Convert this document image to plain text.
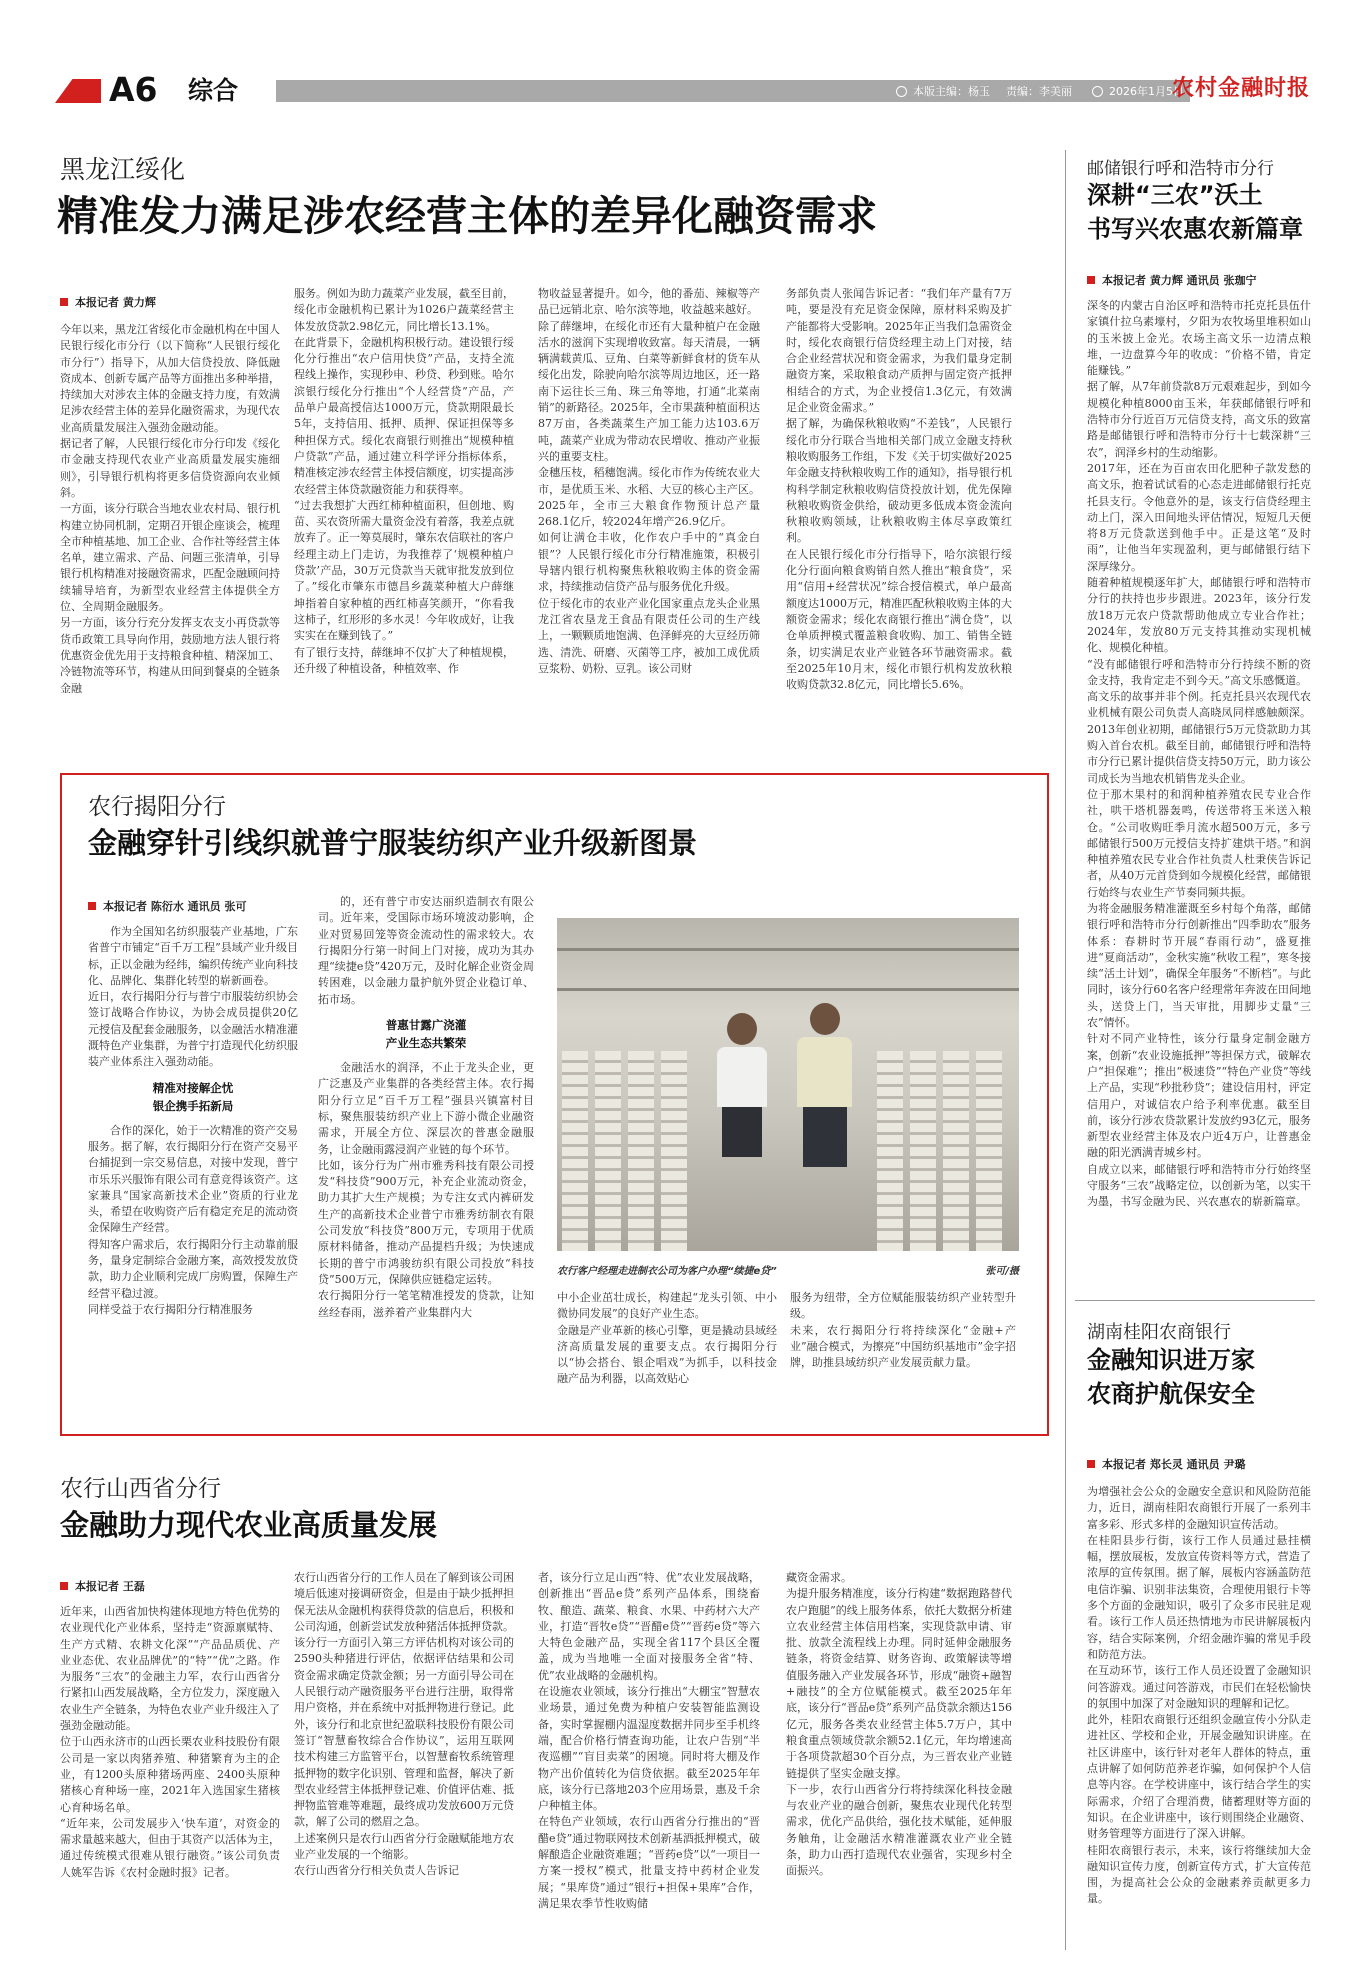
A6 综合	本版主编：杨玉 责编：李美丽	2026年1月5日
农村金融时报
黑龙江绥化
精准发力满足涉农经营主体的差异化融资需求
本报记者 黄力辉
今年以来，黑龙江省绥化市金融机构在中国人民银行绥化市分行（以下简称“人民银行绥化市分行”）指导下，从加大信贷投放、降低融资成本、创新专属产品等方面推出多种举措，持续加大对涉农主体的金融支持力度，有效满足涉农经营主体的差异化融资需求，为现代农业高质量发展注入强劲金融动能。
据记者了解，人民银行绥化市分行印发《绥化市金融支持现代农业产业高质量发展实施细则》，引导银行机构将更多信贷资源向农业倾斜。
一方面，该分行联合当地农业农村局、银行机构建立协同机制，定期召开银企座谈会，梳理全市种植基地、加工企业、合作社等经营主体名单，建立需求、产品、问题三张清单，引导银行机构精准对接融资需求，匹配金融顾问持续辅导培育，为新型农业经营主体提供全方位、全周期金融服务。
另一方面，该分行充分发挥支农支小再贷款等货币政策工具导向作用，鼓励地方法人银行将优惠资金优先用于支持粮食种植、精深加工、冷链物流等环节，构建从田间到餐桌的全链条金融
服务。例如为助力蔬菜产业发展，截至目前，绥化市金融机构已累计为1026户蔬菜经营主体发放贷款2.98亿元，同比增长13.1%。
在此背景下，金融机构积极行动。建设银行绥化分行推出“农户信用快贷”产品，支持全流程线上操作，实现秒申、秒贷、秒到账。哈尔滨银行绥化分行推出“个人经营贷”产品，产品单户最高授信达1000万元，贷款期限最长5年，支持信用、抵押、质押、保证担保等多种担保方式。绥化农商银行则推出“规模种植户贷款”产品，通过建立科学评分指标体系，精准核定涉农经营主体授信额度，切实提高涉农经营主体贷款融资能力和获得率。
“过去我想扩大西红柿种植面积，但创地、购苗、买农资所需大量资金没有着落，我差点就放弃了。正一筹莫展时，肇东农信联社的客户经理主动上门走访，为我推荐了‘规模种植户贷款’产品，30万元贷款当天就审批发放到位了。”绥化市肇东市德昌乡蔬菜种植大户薛继坤指着自家种植的西红柿喜笑颜开，“你看我这柿子，红形形的多水灵！今年收成好，让我实实在在赚到钱了。”
有了银行支持，薛继坤不仅扩大了种植规模，还升级了种植设备，种植效率、作
物收益显著提升。如今，他的番茄、辣椒等产品已远销北京、哈尔滨等地，收益越来越好。
除了薛继坤，在绥化市还有大量种植户在金融活水的滋润下实现增收致富。每天清晨，一辆辆满载黄瓜、豆角、白菜等新鲜食材的货车从绥化出发，除驶向哈尔滨等周边地区，还一路南下运往长三角、珠三角等地，打通“北菜南销”的新路径。2025年，全市果蔬种植面积达87万亩，各类蔬菜生产加工能力达103.6万吨，蔬菜产业成为带动农民增收、推动产业振兴的重要支柱。
金穗压枝，稻穗饱满。绥化市作为传统农业大市，是优质玉米、水稻、大豆的核心主产区。2025年，全市三大粮食作物预计总产量268.1亿斤，较2024年增产26.9亿斤。
如何让满仓丰收，化作农户手中的“真金白银”？人民银行绥化市分行精准施策，积极引导辖内银行机构聚焦秋粮收购主体的资金需求，持续推动信贷产品与服务优化升级。
位于绥化市的农业产业化国家重点龙头企业黑龙江省农垦龙王食品有限责任公司的生产线上，一颗颗质地饱满、色泽鲜亮的大豆经历筛选、清洗、研磨、灭菌等工序，被加工成优质豆浆粉、奶粉、豆乳。该公司财
务部负责人张闻告诉记者：“我们年产量有7万吨，要是没有充足资金保障，原材料采购及扩产能都将大受影响。2025年正当我们急需资金时，绥化农商银行信贷经理主动上门对接，结合企业经营状况和资金需求，为我们量身定制融资方案，采取粮食动产质押与固定资产抵押相结合的方式，为企业授信1.3亿元，有效满足企业资金需求。”
据了解，为确保秋粮收购“不差钱”，人民银行绥化市分行联合当地相关部门成立金融支持秋粮收购服务工作组，下发《关于切实做好2025年金融支持秋粮收购工作的通知》，指导银行机构科学制定秋粮收购信贷投放计划，优先保障秋粮收购资金供给，破动更多低成本资金流向秋粮收购领域，让秋粮收购主体尽享政策红利。
在人民银行绥化市分行指导下，哈尔滨银行绥化分行面向粮食购销自然人推出“粮食贷”，采用“信用+经营状况”综合授信模式，单户最高额度达1000万元，精准匹配秋粮收购主体的大额资金需求；绥化农商银行推出“满仓贷”，以仓单质押模式覆盖粮食收购、加工、销售全链条，切实满足农业产业链各环节融资需求。截至2025年10月末，绥化市银行机构发放秋粮收购贷款32.8亿元，同比增长5.6%。
农行揭阳分行
金融穿针引线织就普宁服装纺织产业升级新图景
本报记者 陈衍水 通讯员 张可

作为全国知名纺织服装产业基地，广东省普宁市铺定“百千万工程”县域产业升级目标，正以金融为经纬，编织传统产业向科技化、品牌化、集群化转型的崭新画卷。
近日，农行揭阳分行与普宁市服装纺织协会签订战略合作协议，为协会成员提供20亿元授信及配套金融服务，以金融活水精准灌溉特色产业集群，为普宁打造现代化纺织服装产业体系注入强劲动能。

精准对接解企忧
银企携手拓新局

合作的深化，始于一次精准的资产交易服务。据了解，农行揭阳分行在资产交易平台捕捉到一宗交易信息，对接中发现，普宁市乐乐兴服饰有限公司有意竞得该资产。这家兼具“国家高新技术企业”资质的行业龙头，希望在收购资产后有稳定充足的流动资金保障生产经营。
得知客户需求后，农行揭阳分行主动靠前服务，量身定制综合金融方案，高效授发放贷款，助力企业顺利完成厂房购置，保障生产经营平稳过渡。
同样受益于农行揭阳分行精准服务

的，还有普宁市安达丽织造制衣有限公司。近年来，受国际市场环境波动影响，企业对贸易回笼等资金流动性的需求较大。农行揭阳分行第一时间上门对接，成功为其办理“续捷e贷”420万元，及时化解企业资金周转困难，以金融力量护航外贸企业稳订单、拓市场。

普惠甘露广浇灌
产业生态共繁荣

金融活水的润泽，不止于龙头企业，更广泛惠及产业集群的各类经营主体。农行揭阳分行立足“百千万工程”强县兴镇富村目标，聚焦服装纺织产业上下游小微企业融资需求，开展全方位、深层次的普惠金融服务，让金融雨露浸润产业链的每个环节。
比如，该分行为广州市雅秀科技有限公司授发“科技贷”900万元，补充企业流动资金，助力其扩大生产规模；为专注女式内裤研发生产的高新技术企业普宁市雅秀纺制衣有限公司发放“科技贷”800万元，专项用于优质原材料储备，推动产品提档升级；为快速成长期的普宁市鸿骏纺织有限公司投放“科技贷”500万元，保障供应链稳定运转。
农行揭阳分行一笔笔精准授发的贷款，让知丝经春雨，滋养着产业集群内大

农行客户经理走进制衣公司为客户办理“续捷e贷”	张可/摄
中小企业茁壮成长，构建起“龙头引领、中小微协同发展”的良好产业生态。
金融是产业革新的核心引擎，更是撬动县域经济高质量发展的重要支点。农行揭阳分行以“协会搭台、银企唱戏”为抓手，以科技金融产品为利器，以高效贴心
服务为纽带，全方位赋能服装纺织产业转型升级。
未来，农行揭阳分行将持续深化“金融+产业”融合模式，为擦亮“中国纺织基地市”金字招牌，助推县域纺织产业发展贡献力量。
农行山西省分行
金融助力现代农业高质量发展
本报记者 王磊
近年来，山西省加快构建体现地方特色优势的农业现代化产业体系，坚持走“资源禀赋特、生产方式精、农耕文化深”“产品品质优、产业业态优、农业品牌优”的“特”“优”之路。作为服务“三农”的金融主力军，农行山西省分行紧扣山西发展战略，全方位发力，深度融入农业生产全链条，为特色农业产业升级注入了强劲金融动能。
位于山西永济市的山西长栗农业科技股份有限公司是一家以肉猪养殖、种猪繁育为主的企业，有1200头原种猪场两座、2400头原种猪核心育种场一座，2021年入选国家生猪核心育种场名单。
“近年来，公司发展步入‘快车道’，对资金的需求量越来越大，但由于其资产以活体为主，通过传统模式很难从银行融资。”该公司负责人姚军告诉《农村金融时报》记者。
农行山西省分行的工作人员在了解到该公司困境后低速对接调研资金，但是由于缺少抵押担保无法从金融机构获得贷款的信息后，积极和公司沟通，创新尝试发放种猪活体抵押贷款。
该分行一方面引入第三方评估机构对该公司的2590头种猪进行评估，依据评估结果和公司资金需求确定贷款金额；另一方面引导公司在人民银行动产融资服务平台进行注册，取得常用户资格，并在系统中对抵押物进行登记。此外，该分行和北京世纪盈联科技股份有限公司签订“智慧畜牧综合合作协议”，运用互联网技术构建三方监管平台，以智慧畜牧系统管理抵押物的数字化识别、管理和监督，解决了新型农业经营主体抵押登记难、价值评估难、抵押物监管难等难题，最终成功发放600万元贷款，解了公司的燃眉之急。
上述案例只是农行山西省分行金融赋能地方农业产业发展的一个缩影。
农行山西省分行相关负责人告诉记
者，该分行立足山西“特、优”农业发展战略，创新推出“晋品e贷”系列产品体系，围绕畜牧、酿造、蔬菜、粮食、水果、中药材六大产业，打造“晋牧e贷”“晋醋e贷”“晋药e贷”等六大特色金融产品，实现全省117个县区全覆盖，成为当地唯一全面对接服务全省“特、优”农业战略的金融机构。
在设施农业领域，该分行推出“大棚宝”智慧农业场景，通过免费为种植户安装智能监测设备，实时掌握棚内温湿度数据并同步至手机终端，配合价格行情查询功能，让农户告别“半夜巡棚”“盲目卖菜”的困境。同时将大棚及作物产出价值转化为信贷依据。截至2025年年底，该分行已落地203个应用场景，惠及千余户种植主体。
在特色产业领域，农行山西省分行推出的“晋醋e贷”通过物联网技术创新基酒抵押模式，破解酿造企业融资难题；“晋药e贷”以“一项目一方案一授权”模式，批量支持中药材企业发展；“果库贷”通过“银行+担保+果库”合作，满足果农季节性收购储
藏资金需求。
为提升服务精准度，该分行构建“数据跑路替代农户跑腿”的线上服务体系，依托大数据分析建立农业经营主体信用档案，实现贷款申请、审批、放款全流程线上办理。同时延伸金融服务链条，将资金结算、财务咨询、政策解读等增值服务融入产业发展各环节，形成“融资+融智+融技”的全方位赋能模式。截至2025年年底，该分行“晋品e贷”系列产品贷款余额达156亿元，服务各类农业经营主体5.7万户，其中粮食重点领域贷款余额52.1亿元，年均增速高于各项贷款超30个百分点，为三晋农业产业链链提供了坚实金融支撑。
下一步，农行山西省分行将持续深化科技金融与农业产业的融合创新，聚焦农业现代化转型需求，优化产品供给，强化技术赋能，延伸服务触角，让金融活水精准灌溉农业产业全链条，助力山西打造现代农业强省，实现乡村全面振兴。
邮储银行呼和浩特市分行
深耕“三农”沃土
书写兴农惠农新篇章
本报记者 黄力辉 通讯员 张珈宁
深冬的内蒙古自治区呼和浩特市托克托县伍什家镇什拉乌素壕村，夕阳为农牧场里堆积如山的玉米披上金光。农场主高文乐一边清点粮堆，一边盘算今年的收成：“价格不错，肯定能赚钱。”
据了解，从7年前贷款8万元艰难起步，到如今规模化种植8000亩玉米，年获邮储银行呼和浩特市分行近百万元信贷支持，高文乐的致富路是邮储银行呼和浩特市分行十七载深耕“三农”，润泽乡村的生动缩影。
2017年，还在为百亩农田化肥种子款发愁的高文乐，抱着试试看的心态走进邮储银行托克托县支行。令他意外的是，该支行信贷经理主动上门，深入田间地头评估情况，短短几天便将8万元贷款送到他手中。正是这笔“及时雨”，让他当年实现盈利，更与邮储银行结下深厚缘分。
随着种植规模逐年扩大，邮储银行呼和浩特市分行的扶持也步步跟进。2023年，该分行发放18万元农户贷款帮助他成立专业合作社；2024年，发放80万元支持其推动实现机械化、规模化种植。
“没有邮储银行呼和浩特市分行持续不断的资金支持，我肯定走不到今天。”高文乐感慨道。
高文乐的故事并非个例。托克托县兴农现代农业机械有限公司负责人高晓凤同样感触颇深。2013年创业初期，邮储银行5万元贷款助力其购入首台农机。截至目前，邮储银行呼和浩特市分行已累计提供信贷支持50万元，助力该公司成长为当地农机销售龙头企业。
位于那木果村的和润种植养殖农民专业合作社，哄干塔机器轰鸣，传送带将玉米送入粮仓。“公司收购旺季月流水超500万元，多亏邮储银行500万元授信支持扩建烘干塔。”和润种植养殖农民专业合作社负责人杜秉侠告诉记者，从40万元首贷到如今规模化经营，邮储银行始终与农业生产节奏同频共振。
为将金融服务精准灌溉至乡村每个角落，邮储银行呼和浩特市分行创新推出“四季助农”服务体系：春耕时节开展“春雨行动”，盛夏推进“夏商活动”，金秋实施“秋收工程”，寒冬接续“活土计划”，确保全年服务“不断档”。与此同时，该分行60名客户经理常年奔波在田间地头，送贷上门，当天审批，用脚步丈量“三农”情怀。
针对不同产业特性，该分行量身定制金融方案，创新“农业设施抵押”等担保方式，破解农户“担保难”；推出“极速贷”“特色产业贷”等线上产品，实现“秒批秒贷”；建设信用村，评定信用户，对诚信农户给予利率优惠。截至目前，该分行涉农贷款累计发放约93亿元，服务新型农业经营主体及农户近4万户，让普惠金融的阳光洒满青城乡村。
自成立以来，邮储银行呼和浩特市分行始终坚守服务“三农”战略定位，以创新为笔，以实干为墨，书写金融为民、兴农惠农的崭新篇章。
湖南桂阳农商银行
金融知识进万家
农商护航保安全
本报记者 郑长灵 通讯员 尹璐
为增强社会公众的金融安全意识和风险防范能力，近日，湖南桂阳农商银行开展了一系列丰富多彩、形式多样的金融知识宣传活动。
在桂阳县步行街，该行工作人员通过悬挂横幅，摆放展板，发放宣传资料等方式，营造了浓厚的宣传氛围。据了解，展板内容涵盖防范电信诈骗、识别非法集资，合理使用银行卡等多个方面的金融知识，吸引了众多市民驻足观看。该行工作人员还热情地为市民讲解展板内容，结合实际案例，介绍金融诈骗的常见手段和防范方法。
在互动环节，该行工作人员还设置了金融知识问答游戏。通过问答游戏，市民们在轻松愉快的氛围中加深了对金融知识的理解和记忆。
此外，桂阳农商银行还组织金融宣传小分队走进社区、学校和企业，开展金融知识讲座。在社区讲座中，该行针对老年人群体的特点，重点讲解了如何防范养老诈骗，如何保护个人信息等内容。在学校讲座中，该行结合学生的实际需求，介绍了合理消费，储蓄理财等方面的知识。在企业讲座中，该行则围绕企业融资、财务管理等方面进行了深入讲解。
桂阳农商银行表示，未来，该行将继续加大金融知识宣传力度，创新宣传方式，扩大宣传范围，为提高社会公众的金融素养贡献更多力量。
